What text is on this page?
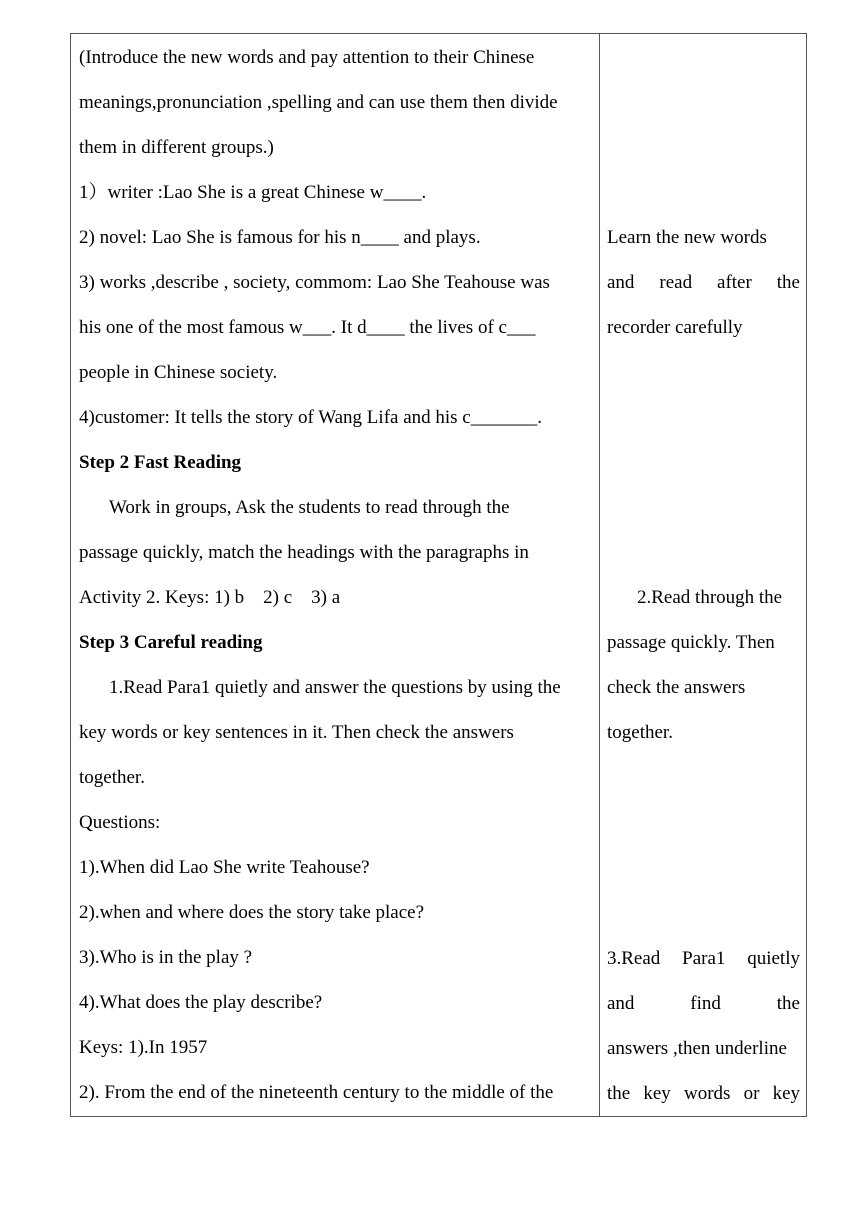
(Introduce the new words and pay attention to their Chinese
meanings,pronunciation ,spelling and can use them then divide
them in different groups.)
1）writer :Lao She is a great Chinese w____.
2) novel: Lao She is famous for his n____ and plays.
3) works ,describe , society, commom: Lao She Teahouse was
his one of the most famous w___. It d____ the lives of c___
people in Chinese society.
4)customer: It tells the story of Wang Lifa and his c_______.
Step 2 Fast Reading
Work in groups, Ask the students to read through the
passage quickly, match the headings with the paragraphs in
Activity 2. Keys: 1) b    2) c    3) a
Step 3 Careful reading
1.Read Para1 quietly and answer the questions by using the
key words or key sentences in it. Then check the answers
together.
Questions:
1).When did Lao She write Teahouse?
2).when and where does the story take place?
3).Who is in the play ?
4).What does the play describe?
Keys: 1).In 1957
2). From the end of the nineteenth century to the middle of the
Learn the new words
and read after the
recorder carefully
2.Read through the
passage quickly. Then
check the answers
together.
3.Read Para1 quietly
and	find	the
answers ,then underline
the key words or key
